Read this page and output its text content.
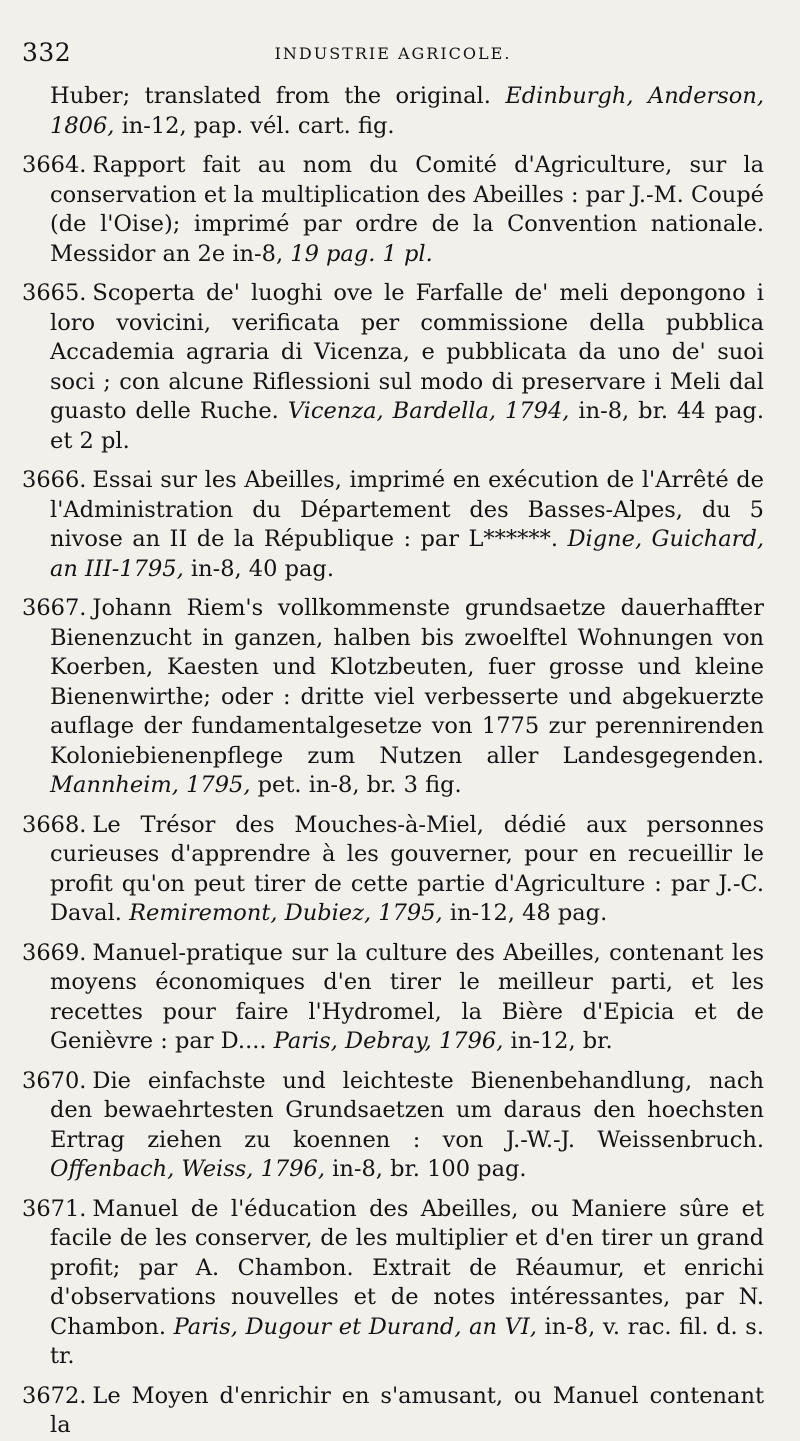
332	INDUSTRIE AGRICOLE.

Huber; translated from the original. Edinburgh, Anderson, 1806, in-12, pap. vél. cart. fig.

3664. Rapport fait au nom du Comité d'Agriculture, sur la conservation et la multiplication des Abeilles : par J.-M. Coupé (de l'Oise); imprimé par ordre de la Convention nationale. Messidor an 2e in-8, 19 pag. 1 pl.

3665. Scoperta de' luoghi ove le Farfalle de' meli depongono i loro vovicini, verificata per commissione della pubblica Accademia agraria di Vicenza, e pubblicata da uno de' suoi soci ; con alcune Riflessioni sul modo di preservare i Meli dal guasto delle Ruche. Vicenza, Bardella, 1794, in-8, br. 44 pag. et 2 pl.

3666. Essai sur les Abeilles, imprimé en exécution de l'Arrêté de l'Administration du Département des Basses-Alpes, du 5 nivose an II de la République : par L******. Digne, Guichard, an III-1795, in-8, 40 pag.

3667. Johann Riem's vollkommenste grundsaetze dauerhaffter Bienenzucht in ganzen, halben bis zwoelftel Wohnungen von Koerben, Kaesten und Klotzbeuten, fuer grosse und kleine Bienenwirthe; oder : dritte viel verbesserte und abgekuerzte auflage der fundamentalgesetze von 1775 zur perennirenden Koloniebienenpflege zum Nutzen aller Landesgegenden. Mannheim, 1795, pet. in-8, br. 3 fig.

3668. Le Trésor des Mouches-à-Miel, dédié aux personnes curieuses d'apprendre à les gouverner, pour en recueillir le profit qu'on peut tirer de cette partie d'Agriculture : par J.-C. Daval. Remiremont, Dubiez, 1795, in-12, 48 pag.

3669. Manuel-pratique sur la culture des Abeilles, contenant les moyens économiques d'en tirer le meilleur parti, et les recettes pour faire l'Hydromel, la Bière d'Epicia et de Genièvre : par D.... Paris, Debray, 1796, in-12, br.

3670. Die einfachste und leichteste Bienenbehandlung, nach den bewaehrtesten Grundsaetzen um daraus den hoechsten Ertrag ziehen zu koennen : von J.-W.-J. Weissenbruch. Offenbach, Weiss, 1796, in-8, br. 100 pag.

3671. Manuel de l'éducation des Abeilles, ou Maniere sûre et facile de les conserver, de les multiplier et d'en tirer un grand profit; par A. Chambon. Extrait de Réaumur, et enrichi d'observations nouvelles et de notes intéressantes, par N. Chambon. Paris, Dugour et Durand, an VI, in-8, v. rac. fil. d. s. tr.

3672. Le Moyen d'enrichir en s'amusant, ou Manuel contenant la
